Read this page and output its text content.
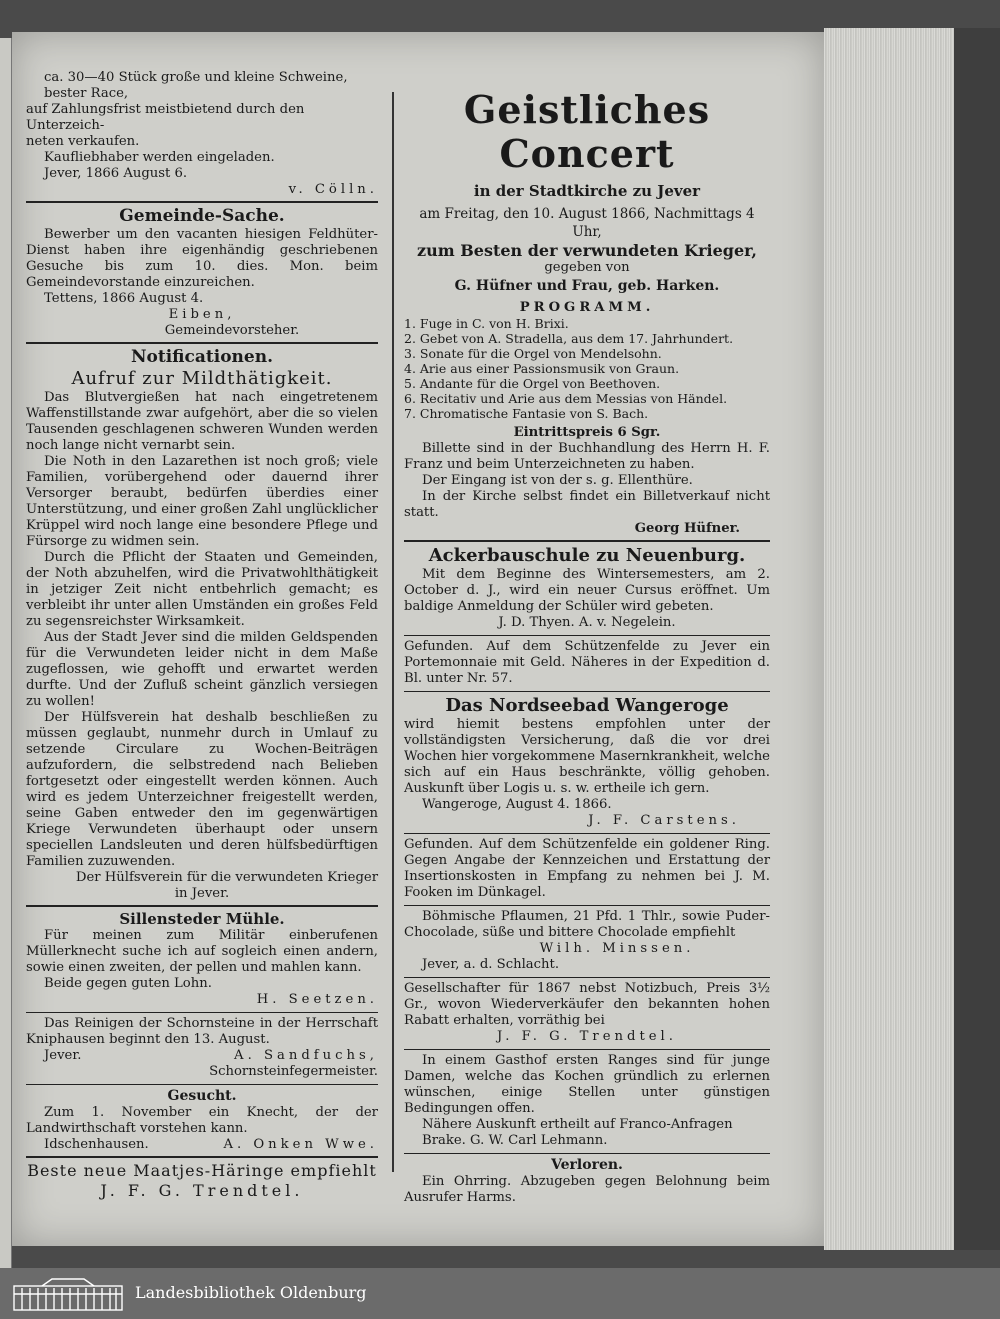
ca. 30—40 Stück große und kleine Schweine,
bester Race,
auf Zahlungsfrist meistbietend durch den Unterzeich-
neten verkaufen.
Kaufliebhaber werden eingeladen.
Jever, 1866 August 6.
v. Cölln.
Gemeinde-Sache.
Bewerber um den vacanten hiesigen Feldhüter-Dienst haben ihre eigenhändig geschriebenen Gesuche bis zum 10. dies. Mon. beim Gemeindevorstande einzureichen.
Tettens, 1866 August 4.
Eiben,
Gemeindevorsteher.
Notificationen.
Aufruf zur Mildthätigkeit.
Das Blutvergießen hat nach eingetretenem Waffenstillstande zwar aufgehört, aber die so vielen Tausenden geschlagenen schweren Wunden werden noch lange nicht vernarbt sein.
Die Noth in den Lazarethen ist noch groß; viele Familien, vorübergehend oder dauernd ihrer Versorger beraubt, bedürfen überdies einer Unterstützung, und einer großen Zahl unglücklicher Krüppel wird noch lange eine besondere Pflege und Fürsorge zu widmen sein.
Durch die Pflicht der Staaten und Gemeinden, der Noth abzuhelfen, wird die Privatwohlthätigkeit in jetziger Zeit nicht entbehrlich gemacht; es verbleibt ihr unter allen Umständen ein großes Feld zu segensreichster Wirksamkeit.
Aus der Stadt Jever sind die milden Geldspenden für die Verwundeten leider nicht in dem Maße zugeflossen, wie gehofft und erwartet werden durfte. Und der Zufluß scheint gänzlich versiegen zu wollen!
Der Hülfsverein hat deshalb beschließen zu müssen geglaubt, nunmehr durch in Umlauf zu setzende Circulare zu Wochen-Beiträgen aufzufordern, die selbstredend nach Belieben fortgesetzt oder eingestellt werden können. Auch wird es jedem Unterzeichner freigestellt werden, seine Gaben entweder den im gegenwärtigen Kriege Verwundeten überhaupt oder unsern speciellen Landsleuten und deren hülfsbedürftigen Familien zuzuwenden.
Der Hülfsverein für die verwundeten Krieger
in Jever.
Sillensteder Mühle.
Für meinen zum Militär einberufenen Müllerknecht suche ich auf sogleich einen andern, sowie einen zweiten, der pellen und mahlen kann.
Beide gegen guten Lohn.
H. Seetzen.
Das Reinigen der Schornsteine in der Herrschaft Kniphausen beginnt den 13. August.
Jever.	A. Sandfuchs,
Schornsteinfegermeister.
Gesucht.
Zum 1. November ein Knecht, der der Landwirthschaft vorstehen kann.
Idschenhausen.	A. Onken Wwe.
Beste neue Maatjes-Häringe empfiehlt
J. F. G. Trendtel.
Geistliches Concert
in der Stadtkirche zu Jever
am Freitag, den 10. August 1866, Nachmittags 4 Uhr,
zum Besten der verwundeten Krieger,
gegeben von
G. Hüfner und Frau, geb. Harken.
PROGRAMM.
1. Fuge in C. von H. Brixi.
2. Gebet von A. Stradella, aus dem 17. Jahrhundert.
3. Sonate für die Orgel von Mendelsohn.
4. Arie aus einer Passionsmusik von Graun.
5. Andante für die Orgel von Beethoven.
6. Recitativ und Arie aus dem Messias von Händel.
7. Chromatische Fantasie von S. Bach.
Eintrittspreis 6 Sgr.
Billette sind in der Buchhandlung des Herrn H. F. Franz und beim Unterzeichneten zu haben.
Der Eingang ist von der s. g. Ellenthüre.
In der Kirche selbst findet ein Billetverkauf nicht statt.
Georg Hüfner.
Ackerbauschule zu Neuenburg.
Mit dem Beginne des Wintersemesters, am 2. October d. J., wird ein neuer Cursus eröffnet. Um baldige Anmeldung der Schüler wird gebeten.
J. D. Thyen. A. v. Negelein.
Gefunden. Auf dem Schützenfelde zu Jever ein Portemonnaie mit Geld. Näheres in der Expedition d. Bl. unter Nr. 57.
Das Nordseebad Wangeroge
wird hiemit bestens empfohlen unter der vollständigsten Versicherung, daß die vor drei Wochen hier vorgekommene Masernkrankheit, welche sich auf ein Haus beschränkte, völlig gehoben. Auskunft über Logis u. s. w. ertheile ich gern.
Wangeroge, August 4. 1866.
J. F. Carstens.
Gefunden. Auf dem Schützenfelde ein goldener Ring. Gegen Angabe der Kennzeichen und Erstattung der Insertionskosten in Empfang zu nehmen bei J. M. Fooken im Dünkagel.
Böhmische Pflaumen, 21 Pfd. 1 Thlr., sowie Puder-Chocolade, süße und bittere Chocolade empfiehlt
Wilh. Minssen.
Jever, a. d. Schlacht.
Gesellschafter für 1867 nebst Notizbuch, Preis 3½ Gr., wovon Wiederverkäufer den bekannten hohen Rabatt erhalten, vorräthig bei
J. F. G. Trendtel.
In einem Gasthof ersten Ranges sind für junge Damen, welche das Kochen gründlich zu erlernen wünschen, einige Stellen unter günstigen Bedingungen offen.
Nähere Auskunft ertheilt auf Franco-Anfragen
Brake. G. W. Carl Lehmann.
Verloren.
Ein Ohrring. Abzugeben gegen Belohnung beim Ausrufer Harms.
Landesbibliothek Oldenburg
